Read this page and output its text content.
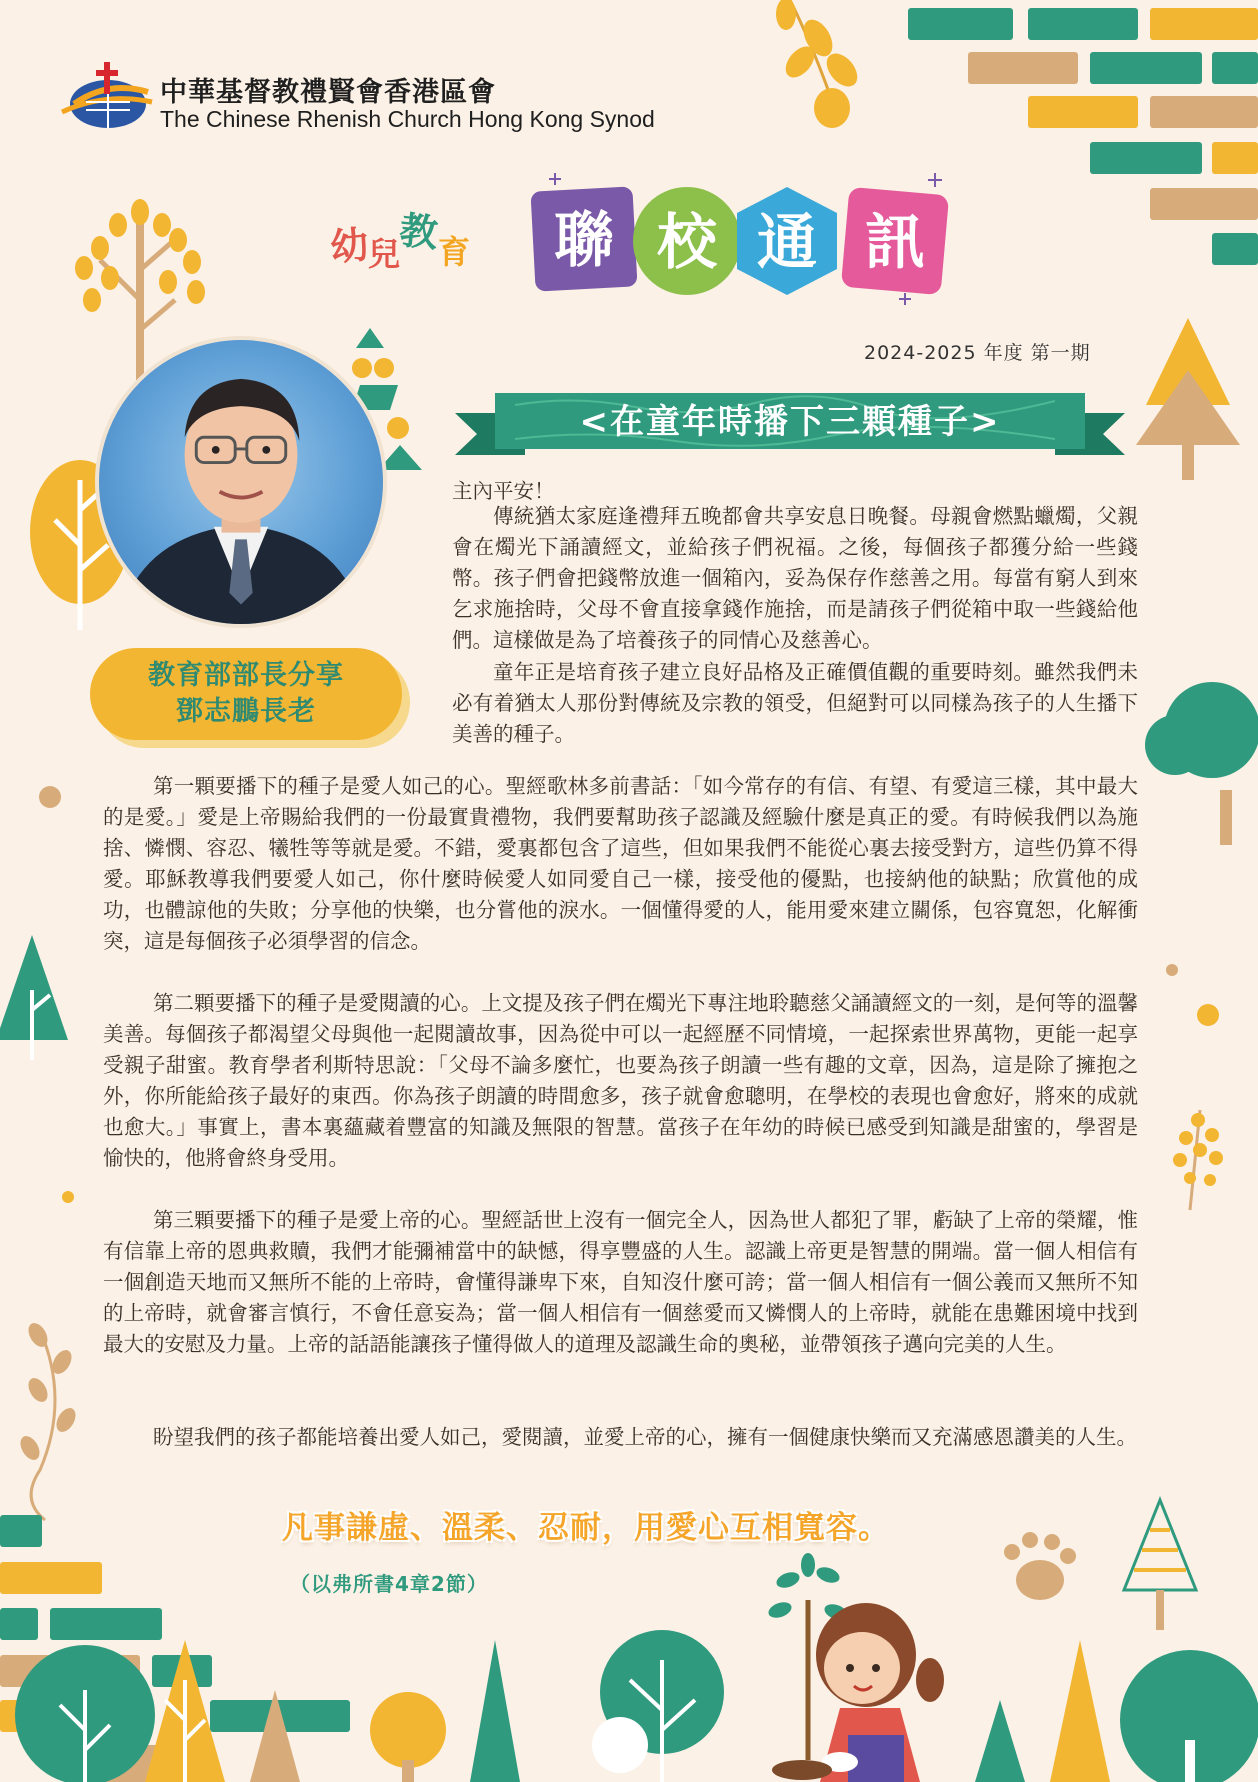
中華基督教禮賢會香港區會
The Chinese Rhenish Church Hong Kong Synod
幼兒教育 聯 校 通 訊
2024-2025 年度 第一期
<在童年時播下三顆種子>
教育部部長分享
鄧志鵬長老
主內平安！
傳統猶太家庭逢禮拜五晚都會共享安息日晚餐。母親會燃點蠟燭，父親會在燭光下誦讀經文，並給孩子們祝福。之後，每個孩子都獲分給一些錢幣。孩子們會把錢幣放進一個箱內，妥為保存作慈善之用。每當有窮人到來乞求施捨時，父母不會直接拿錢作施捨，而是請孩子們從箱中取一些錢給他們。這樣做是為了培養孩子的同情心及慈善心。
童年正是培育孩子建立良好品格及正確價值觀的重要時刻。雖然我們未必有着猶太人那份對傳統及宗教的領受，但絕對可以同樣為孩子的人生播下美善的種子。
第一顆要播下的種子是愛人如己的心。聖經歌林多前書話：「如今常存的有信、有望、有愛這三樣，其中最大的是愛。」愛是上帝賜給我們的一份最實貴禮物，我們要幫助孩子認識及經驗什麼是真正的愛。有時候我們以為施捨、憐憫、容忍、犧牲等等就是愛。不錯，愛裏都包含了這些，但如果我們不能從心裏去接受對方，這些仍算不得愛。耶穌教導我們要愛人如己，你什麼時候愛人如同愛自己一樣，接受他的優點，也接納他的缺點；欣賞他的成功，也體諒他的失敗；分享他的快樂，也分嘗他的淚水。一個懂得愛的人，能用愛來建立關係，包容寬恕，化解衝突，這是每個孩子必須學習的信念。
第二顆要播下的種子是愛閱讀的心。上文提及孩子們在燭光下專注地聆聽慈父誦讀經文的一刻，是何等的溫馨美善。每個孩子都渴望父母與他一起閱讀故事，因為從中可以一起經歷不同情境，一起探索世界萬物，更能一起享受親子甜蜜。教育學者利斯特思說：「父母不論多麼忙，也要為孩子朗讀一些有趣的文章，因為，這是除了擁抱之外，你所能給孩子最好的東西。你為孩子朗讀的時間愈多，孩子就會愈聰明，在學校的表現也會愈好，將來的成就也愈大。」事實上，書本裏蘊藏着豐富的知識及無限的智慧。當孩子在年幼的時候已感受到知識是甜蜜的，學習是愉快的，他將會終身受用。
第三顆要播下的種子是愛上帝的心。聖經話世上沒有一個完全人，因為世人都犯了罪，虧缺了上帝的榮耀，惟有信靠上帝的恩典救贖，我們才能彌補當中的缺憾，得享豐盛的人生。認識上帝更是智慧的開端。當一個人相信有一個創造天地而又無所不能的上帝時，會懂得謙卑下來，自知沒什麼可誇；當一個人相信有一個公義而又無所不知的上帝時，就會審言慎行，不會任意妄為；當一個人相信有一個慈愛而又憐憫人的上帝時，就能在患難困境中找到最大的安慰及力量。上帝的話語能讓孩子懂得做人的道理及認識生命的奧秘，並帶領孩子邁向完美的人生。
盼望我們的孩子都能培養出愛人如己，愛閱讀，並愛上帝的心，擁有一個健康快樂而又充滿感恩讚美的人生。
凡事謙虛、溫柔、忍耐，用愛心互相寬容。
（以弗所書4章2節）
